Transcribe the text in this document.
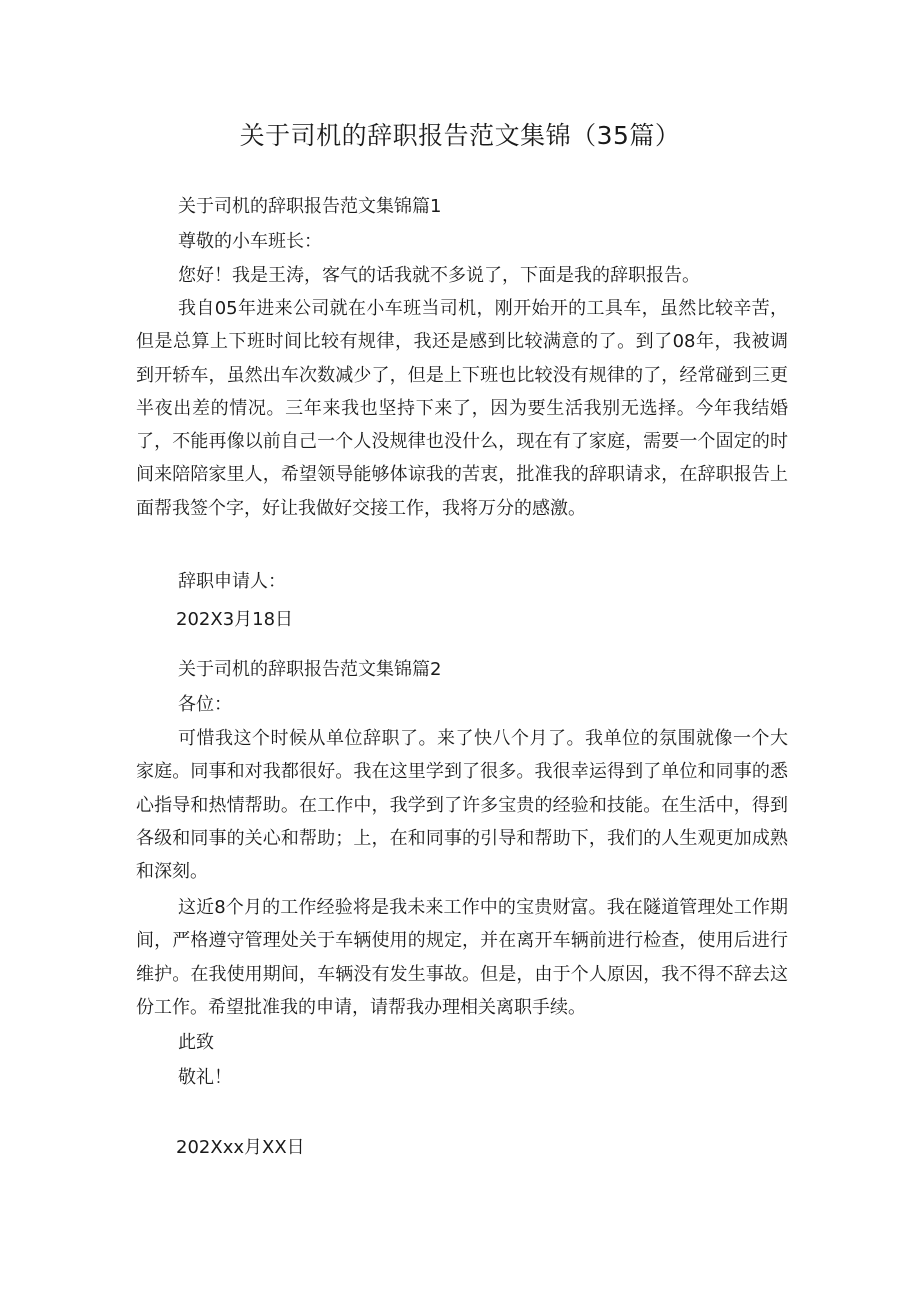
关于司机的辞职报告范文集锦（35篇）
关于司机的辞职报告范文集锦篇1
尊敬的小车班长：
您好！我是王涛，客气的话我就不多说了，下面是我的辞职报告。
我自05年进来公司就在小车班当司机，刚开始开的工具车，虽然比较辛苦，但是总算上下班时间比较有规律，我还是感到比较满意的了。到了08年，我被调到开轿车，虽然出车次数减少了，但是上下班也比较没有规律的了，经常碰到三更半夜出差的情况。三年来我也坚持下来了，因为要生活我别无选择。今年我结婚了，不能再像以前自己一个人没规律也没什么，现在有了家庭，需要一个固定的时间来陪陪家里人，希望领导能够体谅我的苦衷，批准我的辞职请求，在辞职报告上面帮我签个字，好让我做好交接工作，我将万分的感激。
辞职申请人：
202X3月18日
关于司机的辞职报告范文集锦篇2
各位：
可惜我这个时候从单位辞职了。来了快八个月了。我单位的氛围就像一个大家庭。同事和对我都很好。我在这里学到了很多。我很幸运得到了单位和同事的悉心指导和热情帮助。在工作中，我学到了许多宝贵的经验和技能。在生活中，得到各级和同事的关心和帮助；上，在和同事的引导和帮助下，我们的人生观更加成熟和深刻。
这近8个月的工作经验将是我未来工作中的宝贵财富。我在隧道管理处工作期间，严格遵守管理处关于车辆使用的规定，并在离开车辆前进行检查，使用后进行维护。在我使用期间，车辆没有发生事故。但是，由于个人原因，我不得不辞去这份工作。希望批准我的申请，请帮我办理相关离职手续。
此致
敬礼！
202Xxx月XX日
